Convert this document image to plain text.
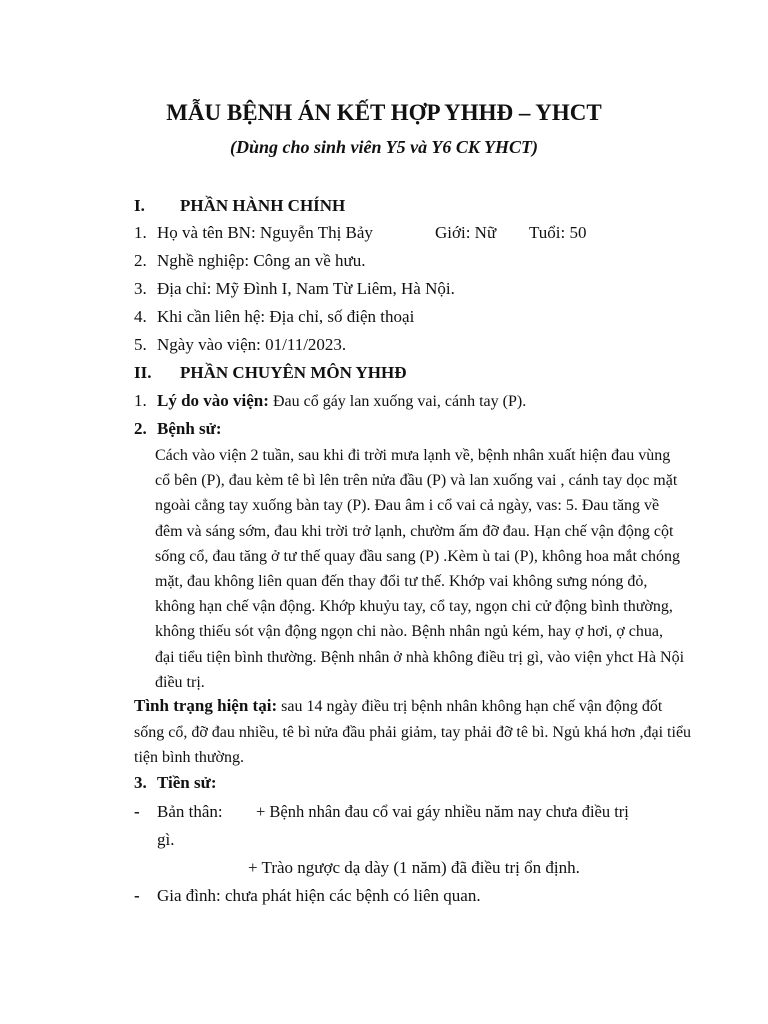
MẪU BỆNH ÁN KẾT HỢP YHHĐ – YHCT
(Dùng cho sinh viên Y5 và Y6 CK YHCT)
I. PHẦN HÀNH CHÍNH
1. Họ và tên BN: Nguyễn Thị Bảy	Giới: Nữ Tuổi: 50
2. Nghề nghiệp: Công an về hưu.
3. Địa chỉ: Mỹ Đình I, Nam Từ Liêm, Hà Nội.
4. Khi cần liên hệ: Địa chỉ, số điện thoại
5. Ngày vào viện: 01/11/2023.
II. PHẦN CHUYÊN MÔN YHHĐ
1. Lý do vào viện: Đau cổ gáy lan xuống vai, cánh tay (P).
2. Bệnh sử:
Cách vào viện 2 tuần, sau khi đi trời mưa lạnh về, bệnh nhân xuất hiện đau vùng cổ bên (P), đau kèm tê bì lên trên nửa đầu (P) và lan xuống vai , cánh tay dọc mặt ngoài cẳng tay xuống bàn tay (P). Đau âm i cổ vai cả ngày, vas: 5. Đau tăng về đêm và sáng sớm, đau khi trời trở lạnh, chườm ấm đỡ đau. Hạn chế vận động cột sống cổ, đau tăng ở tư thế quay đầu sang (P) .Kèm ù tai (P), không hoa mắt chóng mặt, đau không liên quan đến thay đổi tư thế. Khớp vai không sưng nóng đỏ, không hạn chế vận động. Khớp khuỷu tay, cổ tay, ngọn chi cử động bình thường, không thiếu sót vận động ngọn chi nào. Bệnh nhân ngủ kém, hay ợ hơi, ợ chua, đại tiểu tiện bình thường. Bệnh nhân ở nhà không điều trị gì, vào viện yhct Hà Nội điều trị.
Tình trạng hiện tại: sau 14 ngày điều trị bệnh nhân không hạn chế vận động đốt sống cổ, đỡ đau nhiều, tê bì nửa đầu phải giảm, tay phải đỡ tê bì. Ngủ khá hơn ,đại tiểu tiện bình thường.
3. Tiền sử:
- Bản thân: + Bệnh nhân đau cổ vai gáy nhiều năm nay chưa điều trị
gì.
+ Trào ngược dạ dày (1 năm) đã điều trị ổn định.
- Gia đình: chưa phát hiện các bệnh có liên quan.
